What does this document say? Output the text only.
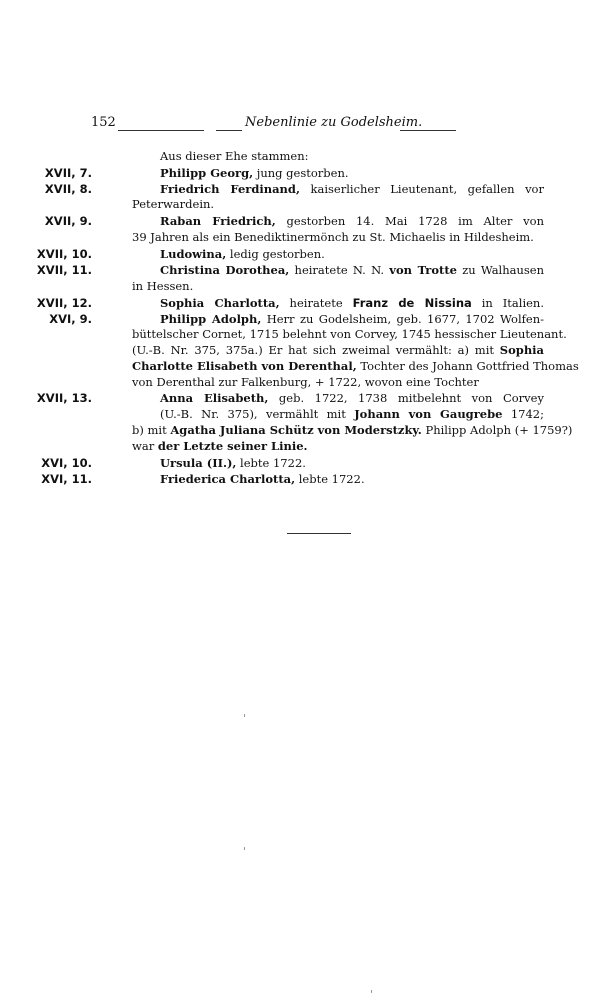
152	Nebenlinie zu Godelsheim.
Aus dieser Ehe stammen:
XVII, 7.	Philipp Georg, jung gestorben.
XVII, 8.	Friedrich Ferdinand, kaiserlicher Lieutenant, gefallen vor
Peterwardein.
XVII, 9.	Raban Friedrich, gestorben 14. Mai 1728 im Alter von
39 Jahren als ein Benediktinermönch zu St. Michaelis in Hildesheim.
XVII, 10.	Ludowina, ledig gestorben.
XVII, 11.	Christina Dorothea, heiratete N. N. von Trotte zu Walhausen
in Hessen.
XVII, 12.	Sophia Charlotta, heiratete Franz de Nissina in Italien.
XVI, 9.	Philipp Adolph, Herr zu Godelsheim, geb. 1677, 1702 Wolfen-
büttelscher Cornet, 1715 belehnt von Corvey, 1745 hessischer Lieutenant.
(U.-B. Nr. 375, 375a.) Er hat sich zweimal vermählt: a) mit Sophia
Charlotte Elisabeth von Derenthal, Tochter des Johann Gottfried Thomas
von Derenthal zur Falkenburg, + 1722, wovon eine Tochter
XVII, 13.	Anna Elisabeth, geb. 1722, 1738 mitbelehnt von Corvey
(U.-B. Nr. 375), vermählt mit Johann von Gaugrebe 1742;
b) mit Agatha Juliana Schütz von Moderstzky. Philipp Adolph (+ 1759?)
war der Letzte seiner Linie.
XVI, 10.	Ursula (II.), lebte 1722.
XVI, 11.	Friederica Charlotta, lebte 1722.
